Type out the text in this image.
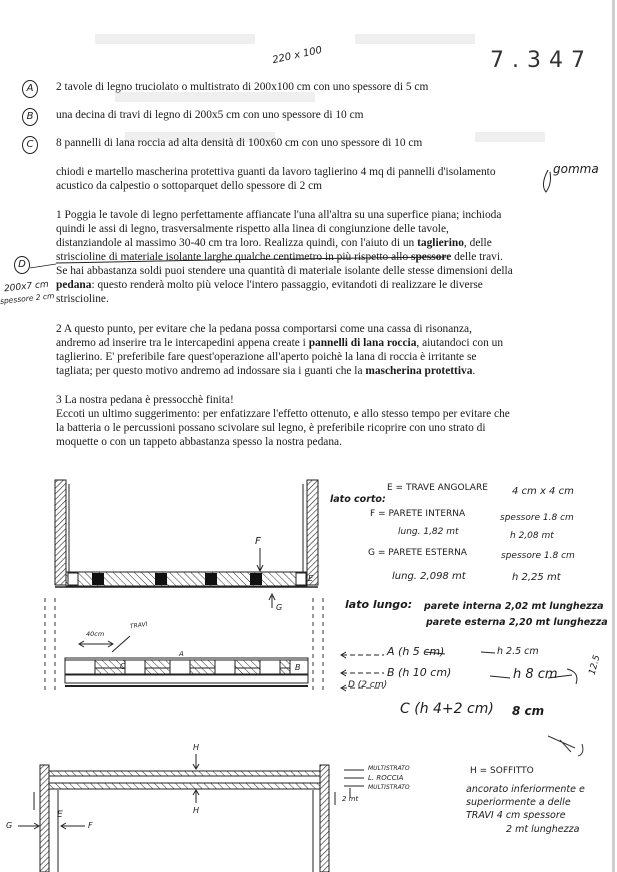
220 x 100	7.347
A	2 tavole di legno truciolato o multistrato di 200x100 cm con uno spessore di 5 cm
B	una decina di travi di legno di 200x5 cm con uno spessore di 10 cm
C	8 pannelli di lana roccia ad alta densità di 100x60 cm con uno spessore di 10 cm
chiodi e martello mascherina protettiva guanti da lavoro taglierino 4 mq di pannelli d'isolamento
acustico da calpestio o sottoparquet dello spessore di 2 cm
gomma
1 Poggia le tavole di legno perfettamente affiancate l'una all'altra su una superfice piana; inchioda
quindi le assi di legno, trasversalmente rispetto alla linea di congiunzione delle tavole,
distanziandole al massimo 30-40 cm tra loro. Realizza quindi, con l'aiuto di un taglierino, delle
striscioline di materiale isolante larghe qualche centimetro in più rispetto allo spessore delle travi.
Se hai abbastanza soldi puoi stendere una quantità di materiale isolante delle stesse dimensioni della
pedana: questo renderà molto più veloce l'intero passaggio, evitandoti di realizzare le diverse
striscioline.
D
200x7 cm
spessore 2 cm
2 A questo punto, per evitare che la pedana possa comportarsi come una cassa di risonanza,
andremo ad inserire tra le intercapedini appena create i pannelli di lana roccia, aiutandoci con un
taglierino. E' preferibile fare quest'operazione all'aperto poichè la lana di roccia è irritante se
tagliata; per questo motivo andremo ad indossare sia i guanti che la mascherina protettiva.
3 La nostra pedana è pressocchè finita!
Eccoti un ultimo suggerimento: per enfatizzare l'effetto ottenuto, e allo stesso tempo per evitare che
la batteria o le percussioni possano scivolare sul legno, è preferibile ricoprire con uno strato di
moquette o con un tappeto abbastanza spesso la nostra pedana.
F
G
E
40cm
TRAVI
C	B
A
H
H
E
G	F
MULTISTRATO
L. ROCCIA
MULTISTRATO
2 mt
E = TRAVE ANGOLARE 4 cm x 4 cm
lato corto:
F = PARETE INTERNA	spessore 1.8 cm
lung. 1,82 mt	h 2,08 mt
G = PARETE ESTERNA	spessore 1.8 cm
lung. 2,098 mt	h 2,25 mt
lato lungo: parete interna 2,02 mt lunghezza
parete esterna 2,20 mt lunghezza
A (h 5 cm)	h 2.5 cm
B (h 10 cm)	h 8 cm	12.5
D (2 cm)
C (h 4+2 cm) 8 cm
H = SOFFITTO
ancorato inferiormente e
superiormente a delle
TRAVI 4 cm spessore
2 mt lunghezza
